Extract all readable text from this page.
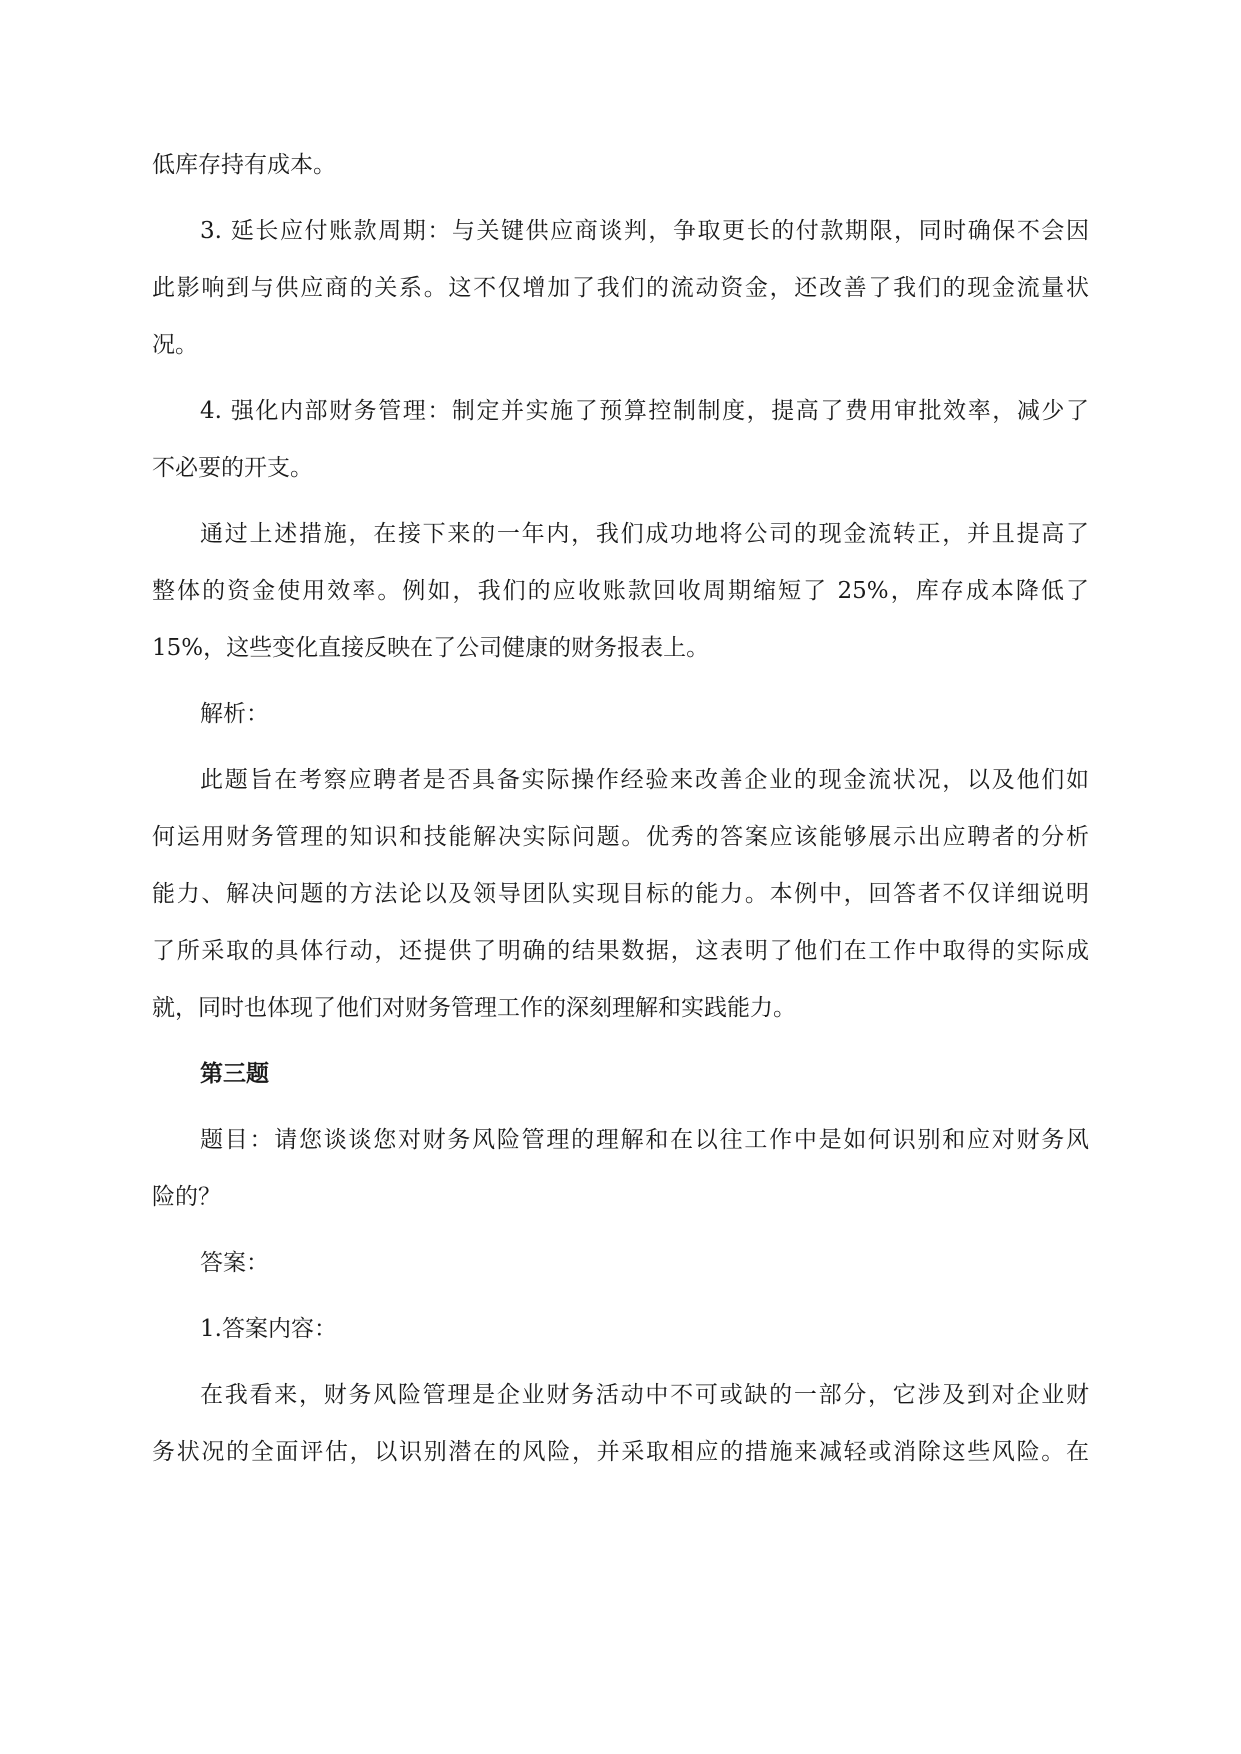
低库存持有成本。

3. 延长应付账款周期：与关键供应商谈判，争取更长的付款期限，同时确保不会因

此影响到与供应商的关系。这不仅增加了我们的流动资金，还改善了我们的现金流量状

况。

4. 强化内部财务管理：制定并实施了预算控制制度，提高了费用审批效率，减少了

不必要的开支。

通过上述措施，在接下来的一年内，我们成功地将公司的现金流转正，并且提高了

整体的资金使用效率。例如，我们的应收账款回收周期缩短了 25%，库存成本降低了

15%，这些变化直接反映在了公司健康的财务报表上。

解析：

此题旨在考察应聘者是否具备实际操作经验来改善企业的现金流状况，以及他们如

何运用财务管理的知识和技能解决实际问题。优秀的答案应该能够展示出应聘者的分析

能力、解决问题的方法论以及领导团队实现目标的能力。本例中，回答者不仅详细说明

了所采取的具体行动，还提供了明确的结果数据，这表明了他们在工作中取得的实际成

就，同时也体现了他们对财务管理工作的深刻理解和实践能力。

第三题

题目：请您谈谈您对财务风险管理的理解和在以往工作中是如何识别和应对财务风

险的？

答案：

1.答案内容：

在我看来，财务风险管理是企业财务活动中不可或缺的一部分，它涉及到对企业财

务状况的全面评估，以识别潜在的风险，并采取相应的措施来减轻或消除这些风险。在
